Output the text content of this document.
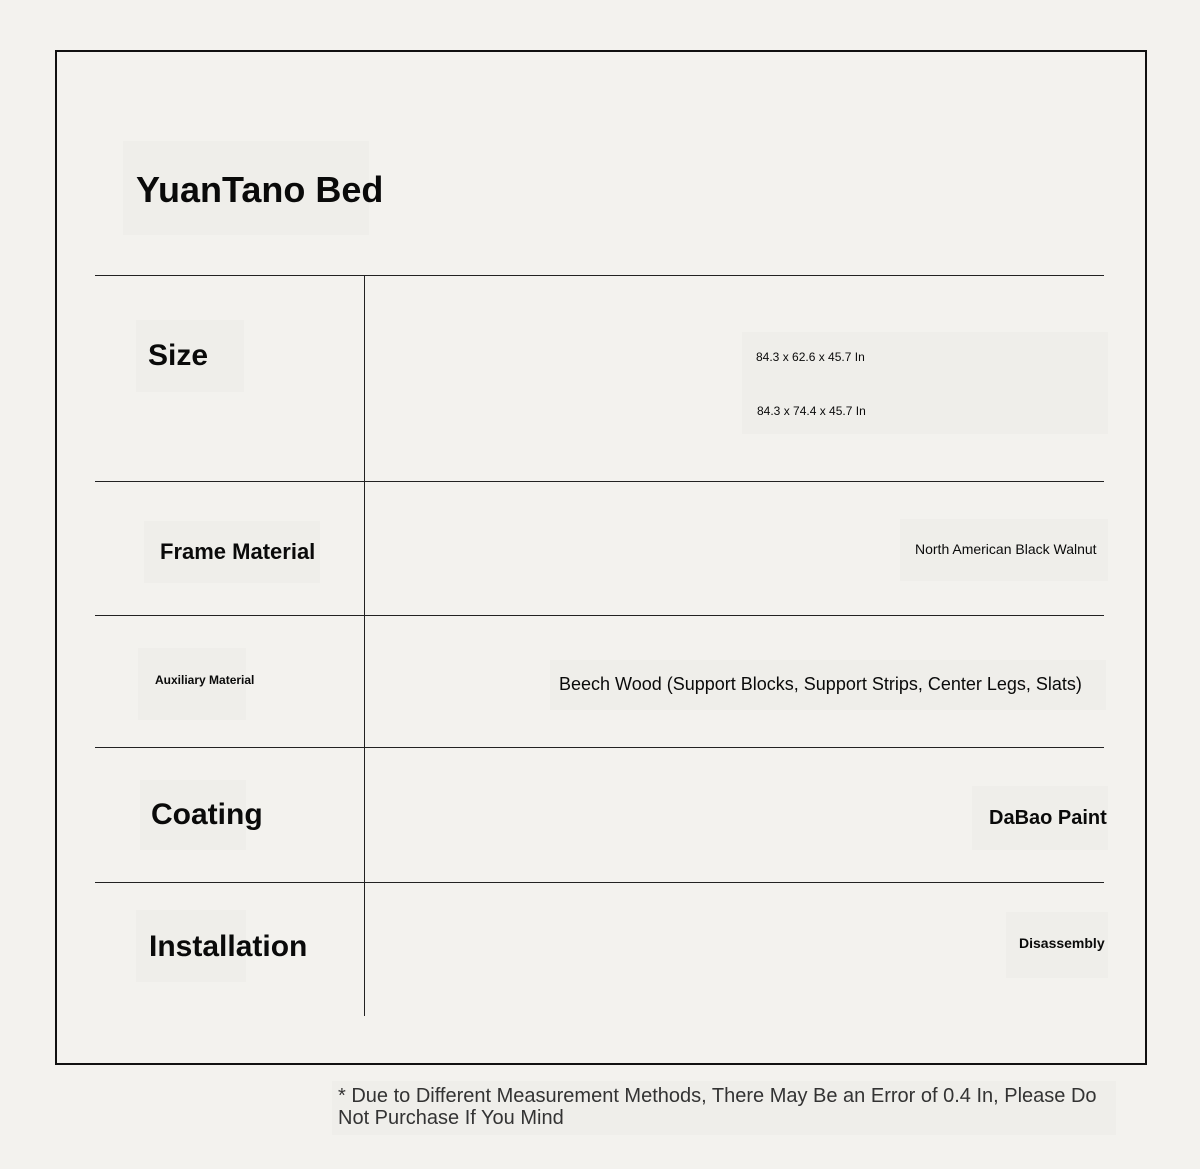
YuanTano Bed
Size	84.3 x 62.6 x 45.7 In
84.3 x 74.4 x 45.7 In
Frame Material	North American Black Walnut
Auxiliary Material	Beech Wood (Support Blocks, Support Strips, Center Legs, Slats)
Coating	DaBao Paint
Installation	Disassembly
* Due to Different Measurement Methods, There May Be an Error of 0.4 In, Please Do Not Purchase If You Mind
